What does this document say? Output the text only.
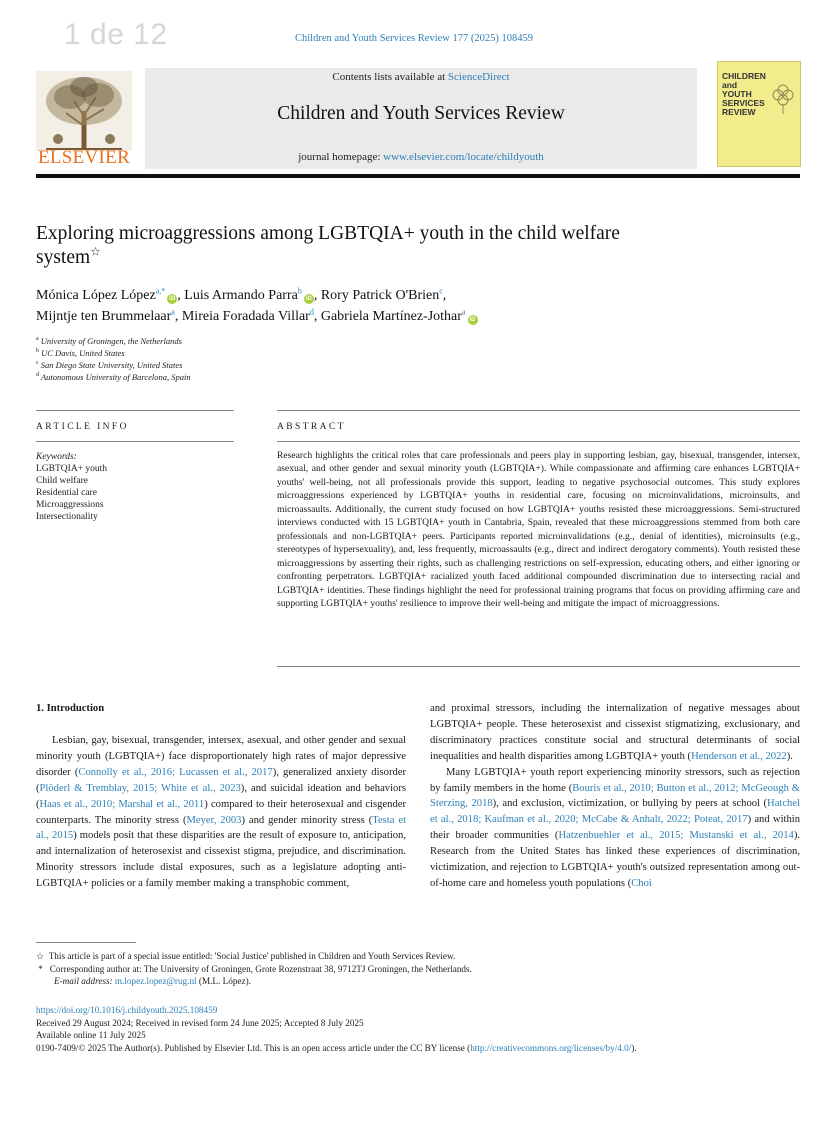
1 de 12	Children and Youth Services Review 177 (2025) 108459
ELSEVIER
Contents lists available at ScienceDirect
Children and Youth Services Review
journal homepage: www.elsevier.com/locate/childyouth
CHILDREN
and
YOUTH
SERVICES
REVIEW
Exploring microaggressions among LGBTQIA+ youth in the child welfare system☆
Mónica López López$^{a,*}$iD , Luis Armando Parra$^b$iD , Rory Patrick O'Brien$^c$,
Mijntje ten Brummelaar$^a$, Mireia Foradada Villar$^d$, Gabriela Martínez-Jothar$^a$iD
$^a$ University of Groningen, the Netherlands
$^b$ UC Davis, United States
$^c$ San Diego State University, United States
$^d$ Autonomous University of Barcelona, Spain
ARTICLE INFO	ABSTRACT
Keywords:
LGBTQIA+ youth
Child welfare
Residential care
Microaggressions
Intersectionality
Research highlights the critical roles that care professionals and peers play in supporting lesbian, gay, bisexual, transgender, intersex, asexual, and other gender and sexual minority youth (LGBTQIA+). While compassionate and affirming care enhances LGBTQIA+ youths' well-being, not all professionals provide this support, leading to negative psychosocial outcomes. This study explores microaggressions experienced by LGBTQIA+ youths in residential care, focusing on microinvalidations, microinsults, and microassaults. Additionally, the current study focused on how LGBTQIA+ youths resisted these microaggressions. Semi-structured interviews conducted with 15 LGBTQIA+ youth in Cantabria, Spain, revealed that these microaggressions stemmed from both care professionals and non-LGBTQIA+ peers. Participants reported microinvalidations (e.g., denial of identities), microinsults (e.g., stereotypes of hypersexuality), and, less frequently, microassaults (e.g., direct and indirect derogatory comments). Youth resisted these microaggressions by asserting their rights, such as challenging restrictions on self-expression, educating others, and either ignoring or confronting perpetrators. LGBTQIA+ racialized youth faced additional compounded discrimination due to intersecting racial and LGBTQIA+ identities. These findings highlight the need for professional training programs that focus on providing affirming care and supporting LGBTQIA+ youths' resilience to improve their well-being and mitigate the impact of microaggressions.
1. Introduction

Lesbian, gay, bisexual, transgender, intersex, asexual, and other gender and sexual minority youth (LGBTQIA+) face disproportionately high rates of major depressive disorder (Connolly et al., 2016; Lucassen et al., 2017), generalized anxiety disorder (Plöderl & Tremblay, 2015; White et al., 2023), and suicidal ideation and behaviors (Haas et al., 2010; Marshal et al., 2011) compared to their heterosexual and cisgender counterparts. The minority stress (Meyer, 2003) and gender minority stress (Testa et al., 2015) models posit that these disparities are the result of exposure to, anticipation, and internalization of heterosexist and cissexist stigma, prejudice, and discrimination. Minority stressors include distal exposures, such as a legislature adopting anti-LGBTQIA+ policies or a family member making a transphobic comment,

and proximal stressors, including the internalization of negative messages about LGBTQIA+ people. These heterosexist and cissexist stigmatizing, exclusionary, and discriminatory practices constitute social and structural determinants of social inequalities and health disparities among LGBTQIA+ youth (Henderson et al., 2022).

Many LGBTQIA+ youth report experiencing minority stressors, such as rejection by family members in the home (Bouris et al., 2010; Button et al., 2012; McGeough & Sterzing, 2018), and exclusion, victimization, or bullying by peers at school (Hatchel et al., 2018; Kaufman et al., 2020; McCabe & Anhalt, 2022; Poteat, 2017) and within their broader communities (Hatzenbuehler et al., 2015; Mustanski et al., 2014). Research from the United States has linked these experiences of discrimination, victimization, and rejection to LGBTQIA+ youth's outsized representation among out-of-home care and homeless youth populations (Choi

☆ This article is part of a special issue entitled: 'Social Justice' published in Children and Youth Services Review.
* Corresponding author at: The University of Groningen, Grote Rozenstraat 38, 9712TJ Groningen, the Netherlands.
E-mail address: m.lopez.lopez@rug.nl (M.L. López).
https://doi.org/10.1016/j.childyouth.2025.108459
Received 29 August 2024; Received in revised form 24 June 2025; Accepted 8 July 2025
Available online 11 July 2025
0190-7409/© 2025 The Author(s). Published by Elsevier Ltd. This is an open access article under the CC BY license (http://creativecommons.org/licenses/by/4.0/).
